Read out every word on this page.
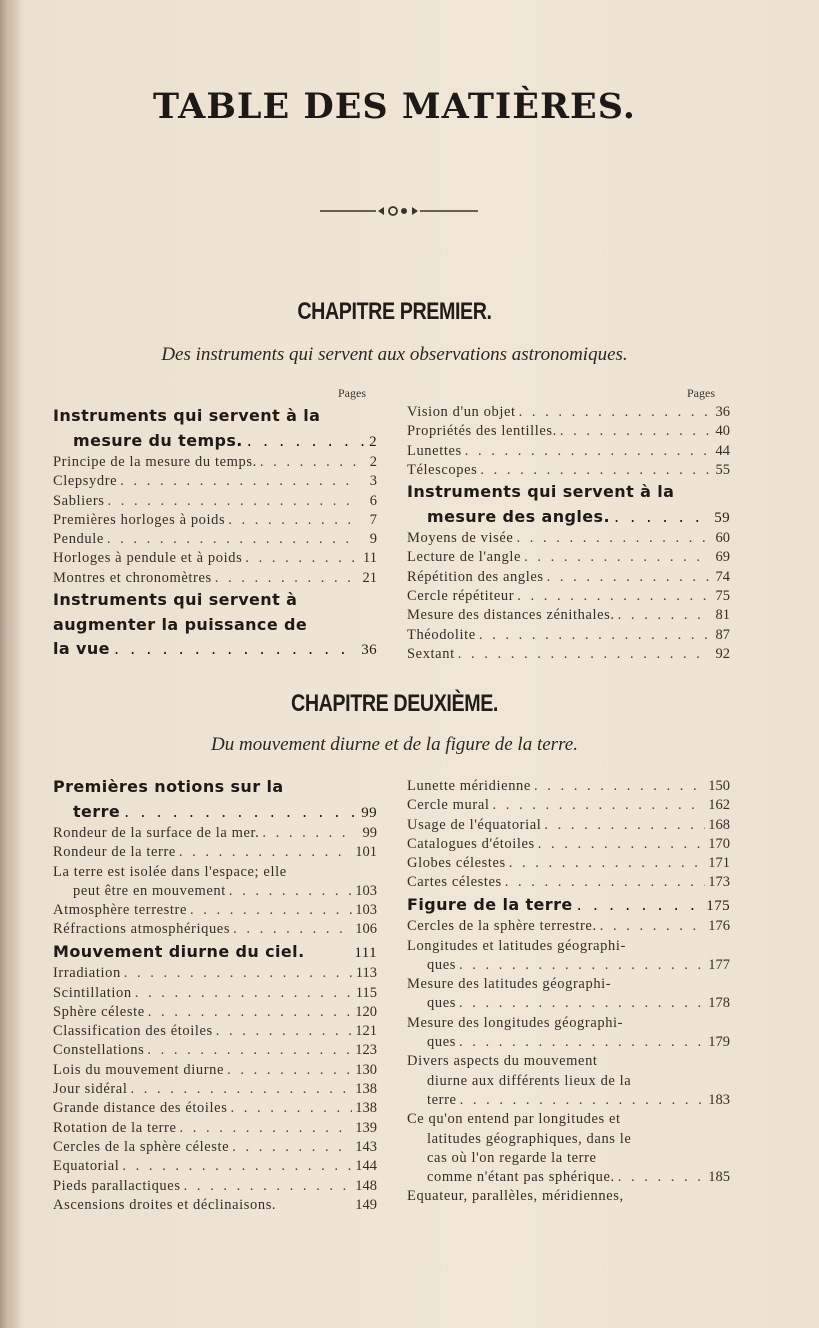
TABLE DES MATIÈRES.
CHAPITRE PREMIER.
Des instruments qui servent aux observations astronomiques.
Pages	Pages
Instruments qui servent à la
mesure du temps. . . .	2
Principe de la mesure du temps. . . .	2
Clepsydre . . .	3
Sabliers . . .	6
Premières horloges à poids . . .	7
Pendule . . .	9
Horloges à pendule et à poids . . .	11
Montres et chronomètres . . .	21
Instruments qui servent à
augmenter la puissance de
la vue . . .	36
Vision d'un objet . . .	36
Propriétés des lentilles. . . .	40
Lunettes . . .	44
Télescopes . . .	55
Instruments qui servent à la
mesure des angles. . . .	59
Moyens de visée . . .	60
Lecture de l'angle . . .	69
Répétition des angles . . .	74
Cercle répétiteur . . .	75
Mesure des distances zénithales. . . .	81
Théodolite . . .	87
Sextant . . .	92
CHAPITRE DEUXIÈME.
Du mouvement diurne et de la figure de la terre.
Premières notions sur la
terre . . .	99
Rondeur de la surface de la mer. . . .	99
Rondeur de la terre . . .	101
La terre est isolée dans l'espace; elle
peut être en mouvement . . .	103
Atmosphère terrestre . . .	103
Réfractions atmosphériques . . .	106
Mouvement diurne du ciel.	111
Irradiation . . .	113
Scintillation . . .	115
Sphère céleste . . .	120
Classification des étoiles . . .	121
Constellations . . .	123
Lois du mouvement diurne . . .	130
Jour sidéral . . .	138
Grande distance des étoiles . . .	138
Rotation de la terre . . .	139
Cercles de la sphère céleste . . .	143
Equatorial . . .	144
Pieds parallactiques . . .	148
Ascensions droites et déclinaisons.	149
Lunette méridienne . . .	150
Cercle mural . . .	162
Usage de l'équatorial . . .	168
Catalogues d'étoiles . . .	170
Globes célestes . . .	171
Cartes célestes . . .	173
Figure de la terre . . .	175
Cercles de la sphère terrestre. . . .	176
Longitudes et latitudes géographi-
ques . . .	177
Mesure des latitudes géographi-
ques . . .	178
Mesure des longitudes géographi-
ques . . .	179
Divers aspects du mouvement
diurne aux différents lieux de la
terre . . .	183
Ce qu'on entend par longitudes et
latitudes géographiques, dans le
cas où l'on regarde la terre
comme n'étant pas sphérique. . . .	185
Equateur, parallèles, méridiennes,
